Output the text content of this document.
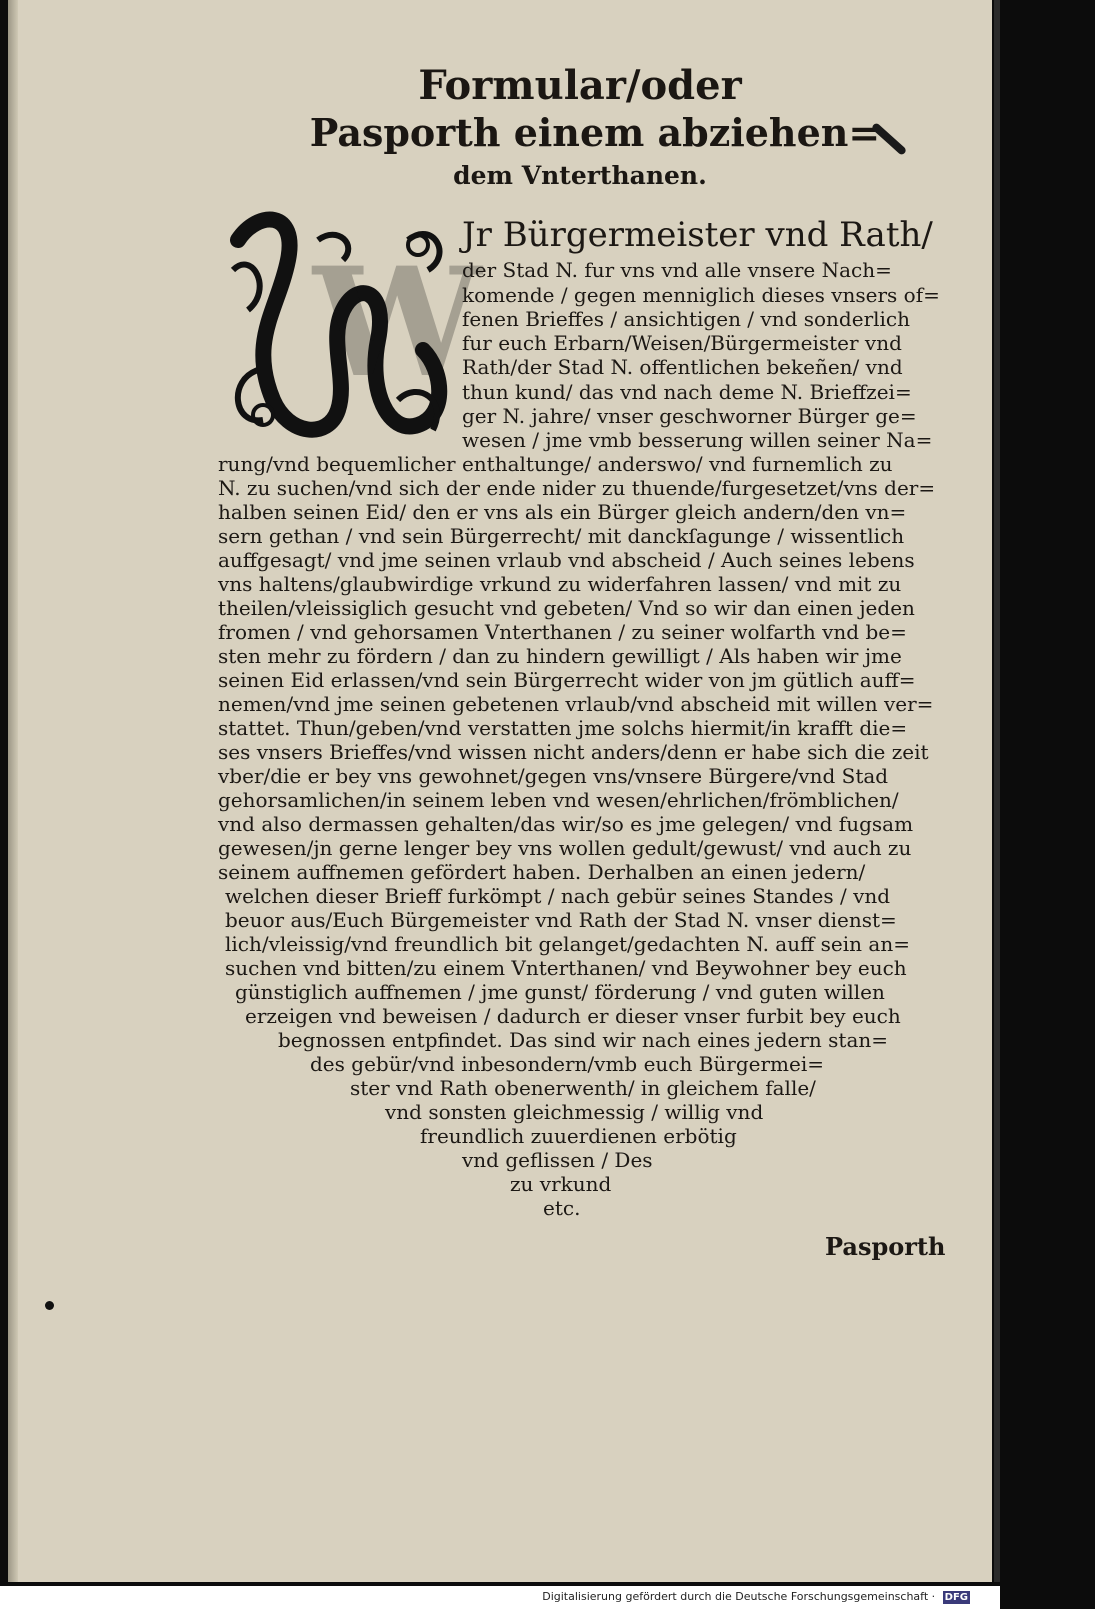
Formular/oder
Pasporth einem abziehen=
dem Vnterthanen.
W
Jr Bürgermeister vnd Rath/
der Stad N. fur vns vnd alle vnsere Nach=
komende / gegen menniglich dieses vnsers of=
fenen Brieffes / ansichtigen / vnd sonderlich
fur euch Erbarn/Weisen/Bürgermeister vnd
Rath/der Stad N. offentlichen bekeñen/ vnd
thun kund/ das vnd nach deme N. Brieffzei=
ger N. jahre/ vnser geschworner Bürger ge=
wesen / jme vmb besserung willen seiner Na=
rung/vnd bequemlicher enthaltunge/ anderswo/ vnd furnemlich zu
N. zu suchen/vnd sich der ende nider zu thuende/furgesetzet/vns der=
halben seinen Eid/ den er vns als ein Bürger gleich andern/den vn=
sern gethan / vnd sein Bürgerrecht/ mit danckſagunge / wissentlich
auffgesagt/ vnd jme seinen vrlaub vnd abscheid / Auch seines lebens
vns haltens/glaubwirdige vrkund zu widerfahren lassen/ vnd mit zu
theilen/vleissiglich gesucht vnd gebeten/ Vnd so wir dan einen jeden
fromen / vnd gehorsamen Vnterthanen / zu seiner wolfarth vnd be=
sten mehr zu fördern / dan zu hindern gewilligt / Als haben wir jme
seinen Eid erlassen/vnd sein Bürgerrecht wider von jm gütlich auff=
nemen/vnd jme seinen gebetenen vrlaub/vnd abscheid mit willen ver=
stattet. Thun/geben/vnd verstatten jme solchs hiermit/in krafft die=
ses vnsers Brieffes/vnd wissen nicht anders/denn er habe sich die zeit
vber/die er bey vns gewohnet/gegen vns/vnsere Bürgere/vnd Stad
gehorsamlichen/in seinem leben vnd wesen/ehrlichen/frömblichen/
vnd also dermassen gehalten/das wir/so es jme gelegen/ vnd fugsam
gewesen/jn gerne lenger bey vns wollen gedult/gewust/ vnd auch zu
seinem auffnemen gefördert haben. Derhalben an einen jedern/
welchen dieser Brieff furkömpt / nach gebür seines Standes / vnd
beuor aus/Euch Bürgemeister vnd Rath der Stad N. vnser dienst=
lich/vleissig/vnd freundlich bit gelanget/gedachten N. auff sein an=
suchen vnd bitten/zu einem Vnterthanen/ vnd Beywohner bey euch
günstiglich auffnemen / jme gunst/ förderung / vnd guten willen
erzeigen vnd beweisen / dadurch er dieser vnser furbit bey euch
begnossen entpfindet. Das sind wir nach eines jedern stan=
des gebür/vnd inbesondern/vmb euch Bürgermei=
ster vnd Rath obenerwenth/ in gleichem falle/
vnd sonsten gleichmessig / willig vnd
freundlich zuuerdienen erbötig
vnd geflissen / Des
zu vrkund
etc.
Pasporth
Digitalisierung gefördert durch die Deutsche Forschungsgemeinschaft · DFG
